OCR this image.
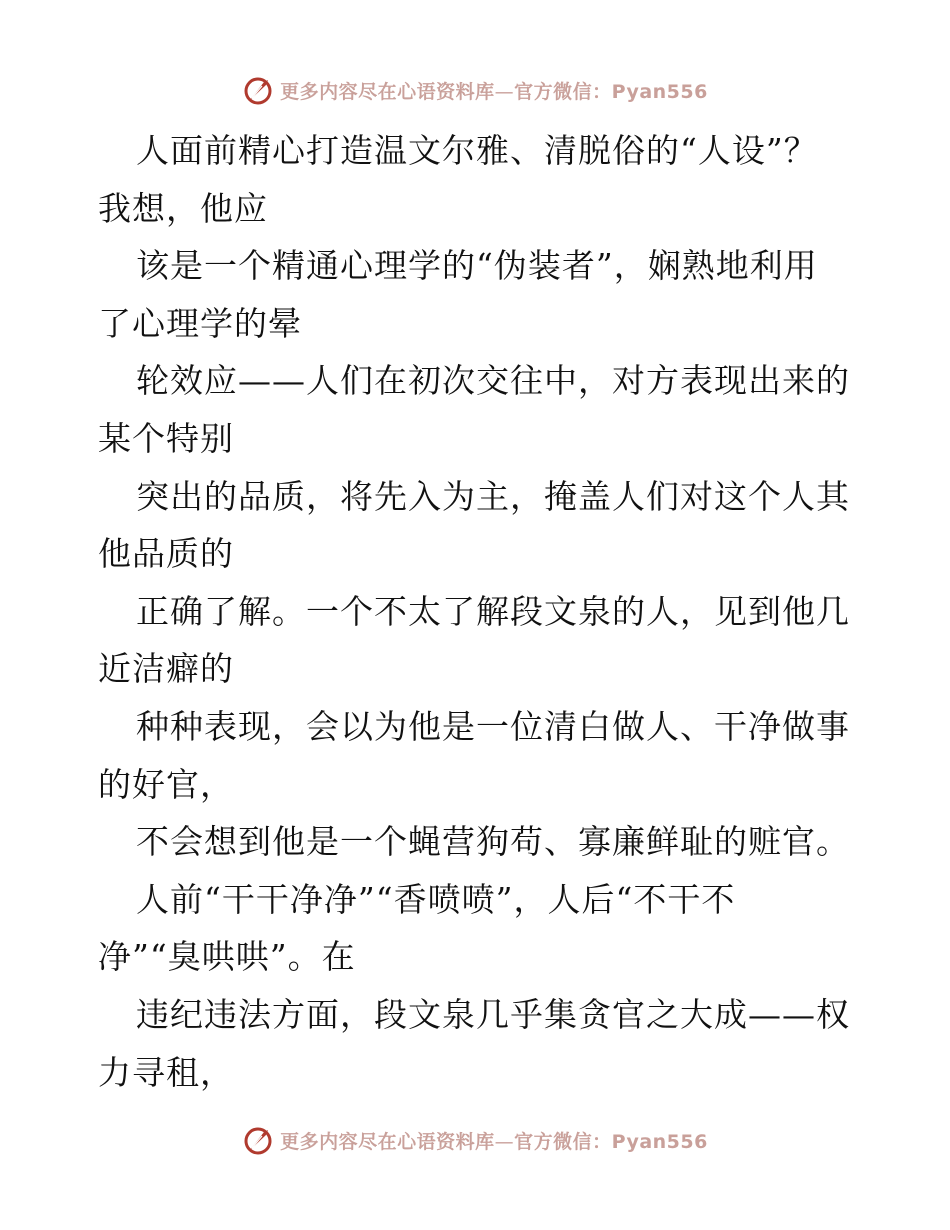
更多内容尽在心语资料库—官方微信：Pyan556
人面前精心打造温文尔雅、清脱俗的“人设”？
我想，他应
该是一个精通心理学的“伪装者”，娴熟地利用
了心理学的晕
轮效应——人们在初次交往中，对方表现出来的
某个特别
突出的品质，将先入为主，掩盖人们对这个人其
他品质的
正确了解。一个不太了解段文泉的人，见到他几
近洁癖的
种种表现，会以为他是一位清白做人、干净做事
的好官，
不会想到他是一个蝇营狗苟、寡廉鲜耻的赃官。
人前“干干净净”“香喷喷”，人后“不干不
净”“臭哄哄”。在
违纪违法方面，段文泉几乎集贪官之大成——权
力寻租，
更多内容尽在心语资料库—官方微信：Pyan556
